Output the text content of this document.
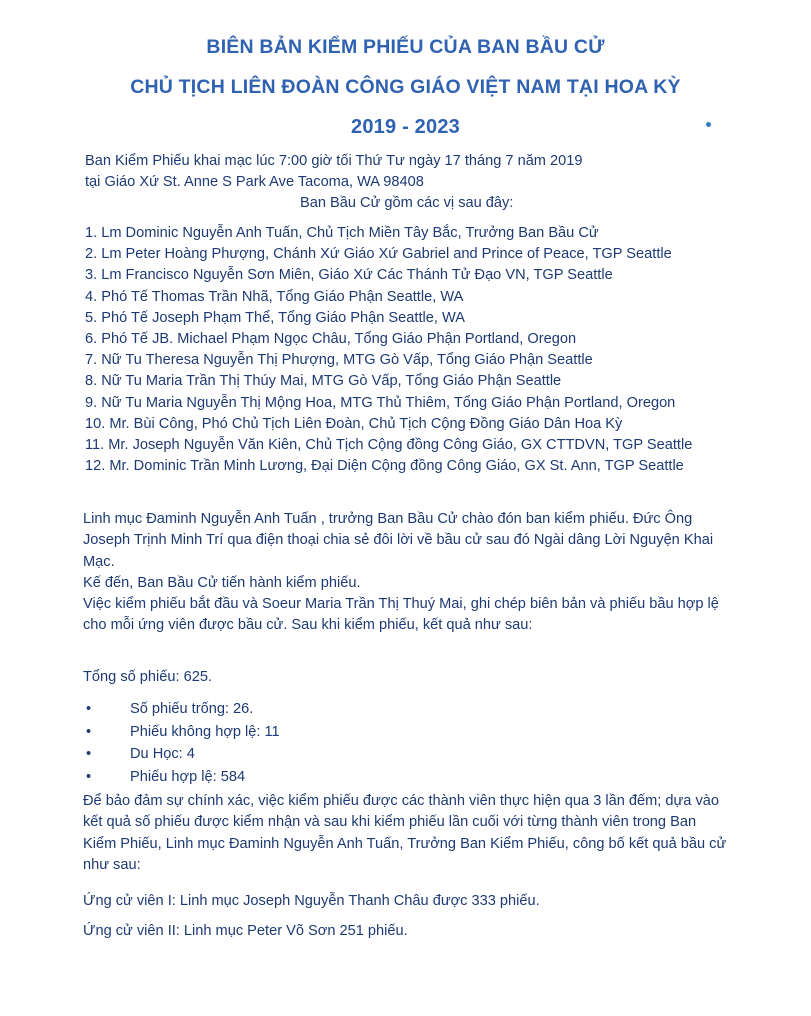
BIÊN BẢN KIỂM PHIẾU CỦA BAN BẦU CỬ
CHỦ TỊCH LIÊN ĐOÀN CÔNG GIÁO VIỆT NAM TẠI HOA KỲ
2019 - 2023
Ban Kiểm Phiếu khai mạc lúc 7:00 giờ tối Thứ Tư ngày 17 tháng 7 năm 2019
tại Giáo Xứ St. Anne S Park Ave Tacoma, WA 98408
Ban Bầu Cử gồm các vị sau đây:
1. Lm Dominic Nguyễn Anh Tuấn, Chủ Tịch Miền Tây Bắc, Trưởng Ban Bầu Cử
2. Lm Peter Hoàng Phượng, Chánh Xứ Giáo Xứ Gabriel and Prince of Peace, TGP Seattle
3. Lm Francisco Nguyễn Sơn Miên, Giáo Xứ Các Thánh Tử Đạo VN, TGP Seattle
4. Phó Tế Thomas Trần Nhã, Tổng Giáo Phận Seattle, WA
5. Phó Tế Joseph Phạm Thể, Tổng Giáo Phận Seattle, WA
6. Phó Tế JB. Michael Phạm Ngọc Châu, Tổng Giáo Phận Portland, Oregon
7. Nữ Tu Theresa Nguyễn Thị Phượng, MTG Gò Vấp, Tổng Giáo Phận Seattle
8. Nữ Tu Maria Trần Thị Thúy Mai, MTG Gò Vấp, Tổng Giáo Phận Seattle
9. Nữ Tu Maria Nguyễn Thị Mộng Hoa, MTG Thủ Thiêm, Tổng Giáo Phận Portland, Oregon
10. Mr. Bùi Công, Phó Chủ Tịch Liên Đoàn, Chủ Tịch Cộng Đồng Giáo Dân Hoa Kỳ
11. Mr. Joseph Nguyễn Văn Kiên, Chủ Tịch Cộng đồng Công Giáo, GX CTTDVN, TGP Seattle
12. Mr. Dominic Trần Minh Lương, Đại Diện Cộng đồng Công Giáo, GX St. Ann, TGP Seattle
Linh mục Đaminh Nguyễn Anh Tuấn , trưởng Ban Bầu Cử chào đón ban kiểm phiếu. Đức Ông Joseph Trịnh Minh Trí qua điện thoại chia sẻ đôi lời về bầu cử sau đó Ngài dâng Lời Nguyện Khai Mạc.
Kế đến, Ban Bầu Cử tiến hành kiểm phiếu.
Việc kiểm phiếu bắt đầu và Soeur Maria Trần Thị Thuý Mai, ghi chép biên bản và phiếu bầu hợp lệ cho mỗi ứng viên được bầu cử. Sau khi kiểm phiếu, kết quả như sau:
Tổng số phiếu: 625.
•	Số phiếu trống: 26.
•	Phiếu không hợp lệ: 11
•	Du Học: 4
•	Phiếu hợp lệ: 584
Để bảo đảm sự chính xác, việc kiểm phiếu được các thành viên thực hiện qua 3 lần đếm; dựa vào kết quả số phiếu được kiểm nhận và sau khi kiểm phiếu lần cuối với từng thành viên trong Ban Kiểm Phiếu, Linh mục Đaminh Nguyễn Anh Tuấn, Trưởng Ban Kiểm Phiếu, công bố kết quả bầu cử như sau:
Ứng cử viên I: Linh mục Joseph Nguyễn Thanh Châu được 333 phiếu.
Ứng cử viên II: Linh mục Peter Võ Sơn 251 phiếu.
